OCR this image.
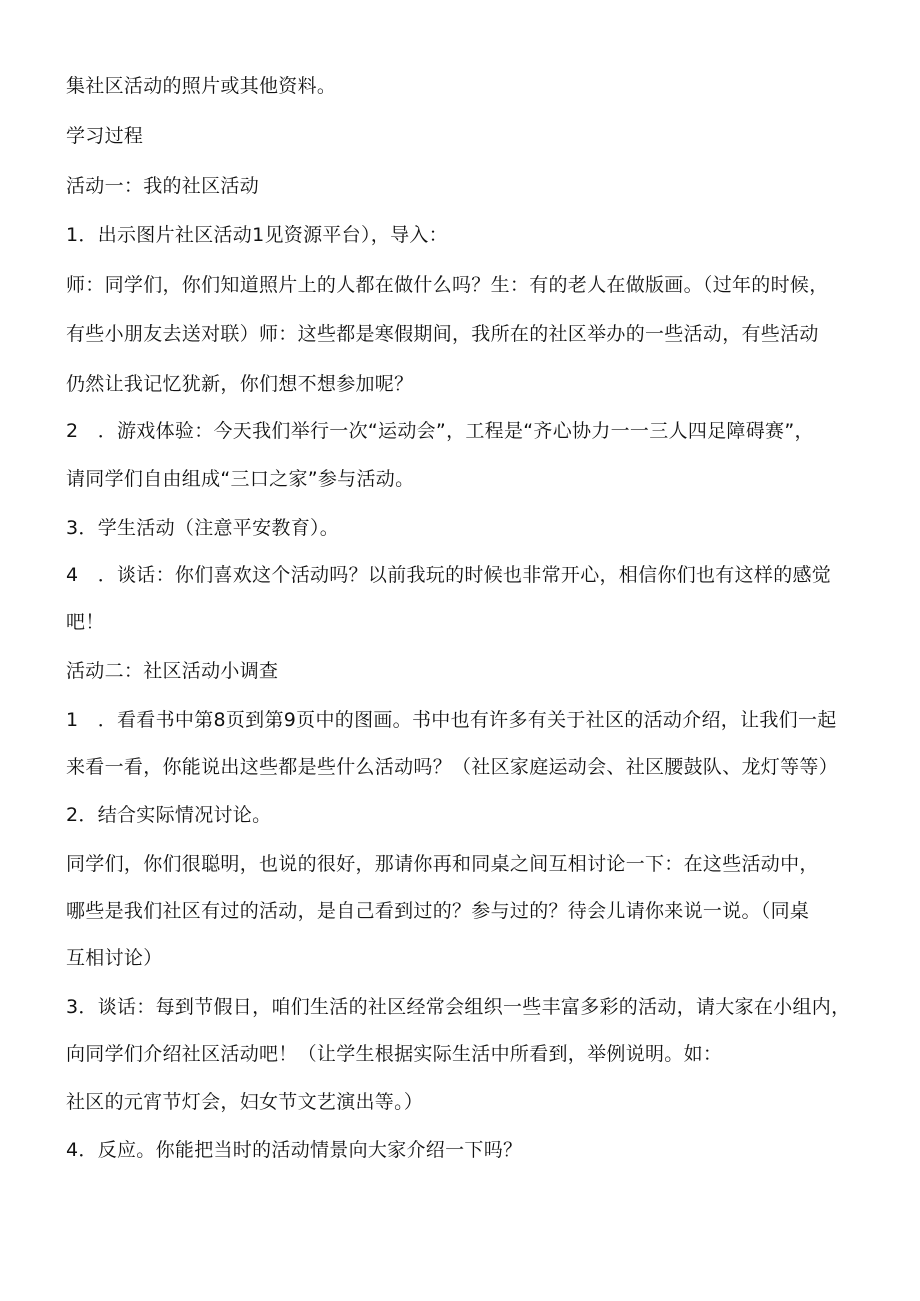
集社区活动的照片或其他资料。
学习过程
活动一：我的社区活动
1．出示图片社区活动1见资源平台），导入：
师：同学们，你们知道照片上的人都在做什么吗？生：有的老人在做版画。（过年的时候，
有些小朋友去送对联）师：这些都是寒假期间，我所在的社区举办的一些活动，有些活动
仍然让我记忆犹新，你们想不想参加呢？
2　．游戏体验：今天我们举行一次“运动会”，工程是“齐心协力一一三人四足障碍赛”，
请同学们自由组成“三口之家”参与活动。
3．学生活动（注意平安教育）。
4　．谈话：你们喜欢这个活动吗？以前我玩的时候也非常开心，相信你们也有这样的感觉
吧！
活动二：社区活动小调查
1　．看看书中第8页到第9页中的图画。书中也有许多有关于社区的活动介绍，让我们一起
来看一看，你能说出这些都是些什么活动吗？（社区家庭运动会、社区腰鼓队、龙灯等等）
2．结合实际情况讨论。
同学们，你们很聪明，也说的很好，那请你再和同桌之间互相讨论一下：在这些活动中，
哪些是我们社区有过的活动，是自己看到过的？参与过的？待会儿请你来说一说。（同桌
互相讨论）
3．谈话：每到节假日，咱们生活的社区经常会组织一些丰富多彩的活动，请大家在小组内，
向同学们介绍社区活动吧！（让学生根据实际生活中所看到，举例说明。如：
社区的元宵节灯会，妇女节文艺演出等。）
4．反应。你能把当时的活动情景向大家介绍一下吗？
